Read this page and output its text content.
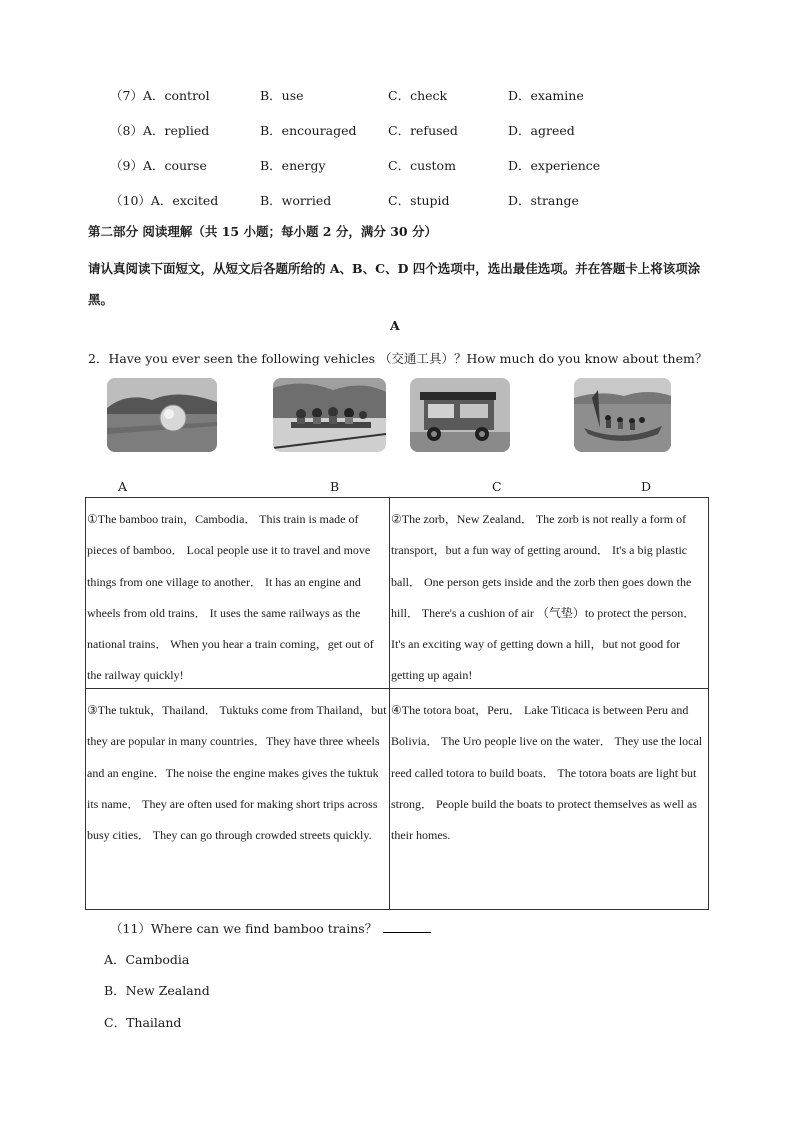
（7）A．control	B．use	C．check	D．examine
（8）A．replied	B．encouraged	C．refused	D．agreed
（9）A．course	B．energy	C．custom	D．experience
（10）A．excited	B．worried	C．stupid	D．strange
第二部分 阅读理解（共 15 小题；每小题 2 分，满分 30 分）
请认真阅读下面短文，从短文后各题所给的 A、B、C、D 四个选项中，选出最佳选项。并在答题卡上将该项涂黑。
A
2．Have you ever seen the following vehicles （交通工具）？How much do you know about them？
A	B	C	D
①The bamboo train，Cambodia． This train is made of pieces of bamboo． Local people use it to travel and move things from one village to another． It has an engine and wheels from old trains． It uses the same railways as the national trains． When you hear a train coming，get out of the railway quickly!
②The zorb，New Zealand． The zorb is not really a form of transport，but a fun way of getting around． It's a big plastic ball． One person gets inside and the zorb then goes down the hill． There's a cushion of air （气垫）to protect the person． It's an exciting way of getting down a hill，but not good for getting up again!
③The tuktuk，Thailand． Tuktuks come from Thailand，but they are popular in many countries．They have three wheels and an engine．The noise the engine makes gives the tuktuk its name． They are often used for making short trips across busy cities． They can go through crowded streets quickly.
④The totora boat，Peru． Lake Titicaca is between Peru and Bolivia． The Uro people live on the water． They use the local reed called totora to build boats． The totora boats are light but strong． People build the boats to protect themselves as well as their homes.
（11）Where can we find bamboo trains？
A．Cambodia
B．New Zealand
C．Thailand
